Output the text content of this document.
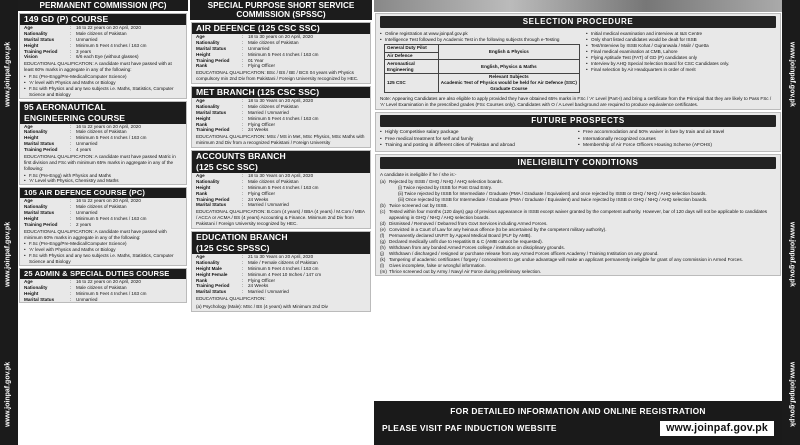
www.joinpaf.gov.pk
www.joinpaf.gov.pk
www.joinpaf.gov.pk
www.joinpaf.gov.pk
www.joinpaf.gov.pk
www.joinpaf.gov.pk
PERMANENT COMMISSION (PC)
149 GD (P) COURSE
Age	:	16 to 22 years on 20 April, 2020
Nationality	:	Male citizens of Pakistan
Marital Status	:	Unmarried
Height	:	Minimum 5 Feet 4 Inches / 163 cm
Training Period	:	3 years
Vision	:	6/6 each Eye (without glasses)
EDUCATIONAL QUALIFICATION: A candidate must have passed with at least 60% marks in aggregate in any of the following:
• F.Sc (Pre-Engg/Pre-Medical/Computer Science)
• 'A' level with Physics and Maths or Biology
• F.Sc with Physics and any two subjects i.e. Maths, Statistics, Computer Science and Biology
95 AERONAUTICAL
ENGINEERING COURSE
Age	:	16 to 22 years on 20 April, 2020
Nationality	:	Male citizens of Pakistan
Height	:	Minimum 5 Feet 4 Inches / 163 cm
Marital Status	:	Unmarried
Training Period	:	4 years
EDUCATIONAL QUALIFICATION: A candidate must have passed Matric in first division and FSc with minimum 65% marks in aggregate in any of the following:
• F.Sc (Pre-Engg) with Physics and Maths
• 'A' Level with Physics, Chemistry and Maths
105 AIR DEFENCE COURSE (PC)
Age	:	16 to 22 years on 20 April, 2020
Nationality	:	Male citizens of Pakistan
Marital Status	:	Unmarried
Height	:	Minimum 5 Feet 4 Inches / 163 cm
Training Period	:	2 years
EDUCATIONAL QUALIFICATION: A candidate must have passed with minimum 60% marks in aggregate in any of the following:
• F.Sc (Pre-Engg/Pre-Medical/Computer Science)
• 'A' level with Physics and Maths or Biology
• F.Sc with Physics and any two subjects i.e. Maths, Statistics, Computer Science and Biology
25 ADMIN & SPECIAL DUTIES COURSE
Age	:	16 to 22 years on 20 April, 2020
Nationality	:	Male citizens of Pakistan
Height	:	Minimum 5 Feet 4 Inches / 163 cm
Marital Status	:	Unmarried
SPECIAL PURPOSE SHORT SERVICE COMMISSION (SPSSC)
AIR DEFENCE (125 CSC SSC)
Age	:	18 to 30 years on 20 April, 2020
Nationality	:	Male citizens of Pakistan
Marital Status	:	Unmarried
Height	:	Minimum 5 Feet 4 Inches / 163 cm
Training Period	:	01 Year
Rank	:	Flying Officer
EDUCATIONAL QUALIFICATION: BSc / BS / BE / BCS 04 years with Physics compulsory min 2nd Div from Pakistani / Foreign University recognized by HEC.
MET BRANCH (125 CSC SSC)
Age	:	18 to 30 Years on 20 April, 2020
Nationality	:	Male citizens of Pakistan
Marital Status	:	Married / Unmarried
Height	:	Minimum 5 Feet 4 Inches / 163 cm
Rank	:	Flying Officer
Training Period	:	24 Weeks
EDUCATIONAL QUALIFICATION: MSc / MS in Met, MSc Physics, MSc Maths with minimum 2nd Div from a recognized Pakistani / Foreign University
ACCOUNTS BRANCH
(125 CSC SSC)
Age	:	18 to 30 Years on 20 April, 2020
Nationality	:	Male citizens of Pakistan
Height	:	Minimum 5 Feet 4 Inches / 163 cm
Rank	:	Flying Officer
Training Period	:	24 Weeks
Marital Status	:	Married / Unmarried
EDUCATIONAL QUALIFICATION: B.Com (4 years) / BBA (4 years) / M.Com / MBA / ACCA or ACMA / BS (4 years) Accounting & Finance. Minimum 2nd Div from Pakistani / Foreign University recognized by HEC.
EDUCATION BRANCH
(125 CSC SPSSC)
Age	:	21 to 30 Years on 20 April, 2020
Nationality	:	Male / Female citizens of Pakistan
Height Male	:	Minimum 5 Feet 4 Inches / 163 cm
Height Female	:	Minimum 4 Feet 10 Inches / 147 cm
Rank	:	Flying Officer
Training Period	:	24 Weeks
Marital Status	:	Married / Unmarried
EDUCATIONAL QUALIFICATION:
(a) Psychology (Male): MSc / BS (4 years) with Minimum 2nd Div
SELECTION PROCEDURE
• Online registration at www.joinpaf.gov.pk
• Intelligence Test followed by Academic Test in the following subjects through e-Testing
General Duty Pilot	English & Physics
Air Defence	
Aeronautical Engineering	English, Physics & Maths
125 CSC	Relevant Subjects
Academic Test of Physics would be held for Air Defence (SSC) Graduate Course
• Initial medical examination and interview at I&S Centre
• Only short listed candidates would be dealt for ISSB
• Test/Interview by ISSB Kohat / Gujranwala / Malir / Quetta
• Final medical examination at CMB, Lahore
• Flying Aptitude Test (FAT) of GD (P) candidates only
• Interview by AHQ Special Selection Board for CSC Candidates only.
• Final selection by Air Headquarters in order of merit
Note: Appearing Candidates are also eligible to apply provided they have obtained 65% marks in FSc / 'A' Level (Part-I) and bring a certificate from the Principal that they are likely to Pass FSc / 'A' Level Examination in the prescribed grades (FSc Courses only). Candidates with O / A Level background are required to produce equivalence certificates.
FUTURE PROSPECTS
• Highly Competitive salary package
• Free medical treatment for self and family
• Training and posting in different cities of Pakistan and abroad
• Free accommodation and 50% waiver in fare by train and air travel
• Internationally recognized courses
• Membership of Air Force Officers Housing Scheme (AFOHS)
INELIGIBILITY CONDITIONS
A candidate is ineligible if he / she is:-
(a) Rejected by ISSB / GHQ / NHQ / AHQ selection boards.
(i) Twice rejected by ISSB for Post Grad Entry.
(ii) Twice rejected by ISSB for Intermediate / Graduate (PMA / Graduate / Equivalent) and once rejected by ISSB or GHQ / NHQ / AHQ selection boards.
(iii) Once rejected by ISSB for Intermediate / Graduate (PMA / Graduate / Equivalent) and twice rejected by ISSB or GHQ / NHQ / AHQ selection boards.
(b) Twice screened out by ISSB.
(c) Tested within four months (120 days) gap of previous appearance in ISSB except waiver granted by the competent authority. However, bar of 120 days will not be applicable to candidates appearing in GHQ / NHQ / AHQ selection boards.
(d) Dismissed / Removed / Debarred from Govt Services including Armed Forces.
(e) Convicted in a Court of Law for any heinous offence (to be ascertained by the competent military authority).
(f)	Permanently declared UNFIT by Appeal Medical Board (PLF by AMB).
(g) Declared medically unfit due to Hepatitis B & C (AMB cannot be requested).
(h) Withdrawn from any bonded Armed Forces college / institution on disciplinary grounds.
(j)	Withdrawn / discharged / resigned or purchase release from any Armed Forces officers Academy / Training Institution on any ground.
(k) Tampering of academic certificates / forgery / concealment to get undue advantage will make an applicant permanently ineligible for grant of any commission in Armed Forces.
(l)	Gives incomplete, false or wrongful information.
(m) Thrice screened out by Army / Navy/ Air Force during preliminary selection.
FOR DETAILED INFORMATION AND ONLINE REGISTRATION
PLEASE VISIT PAF INDUCTION WEBSITE	www.joinpaf.gov.pk
